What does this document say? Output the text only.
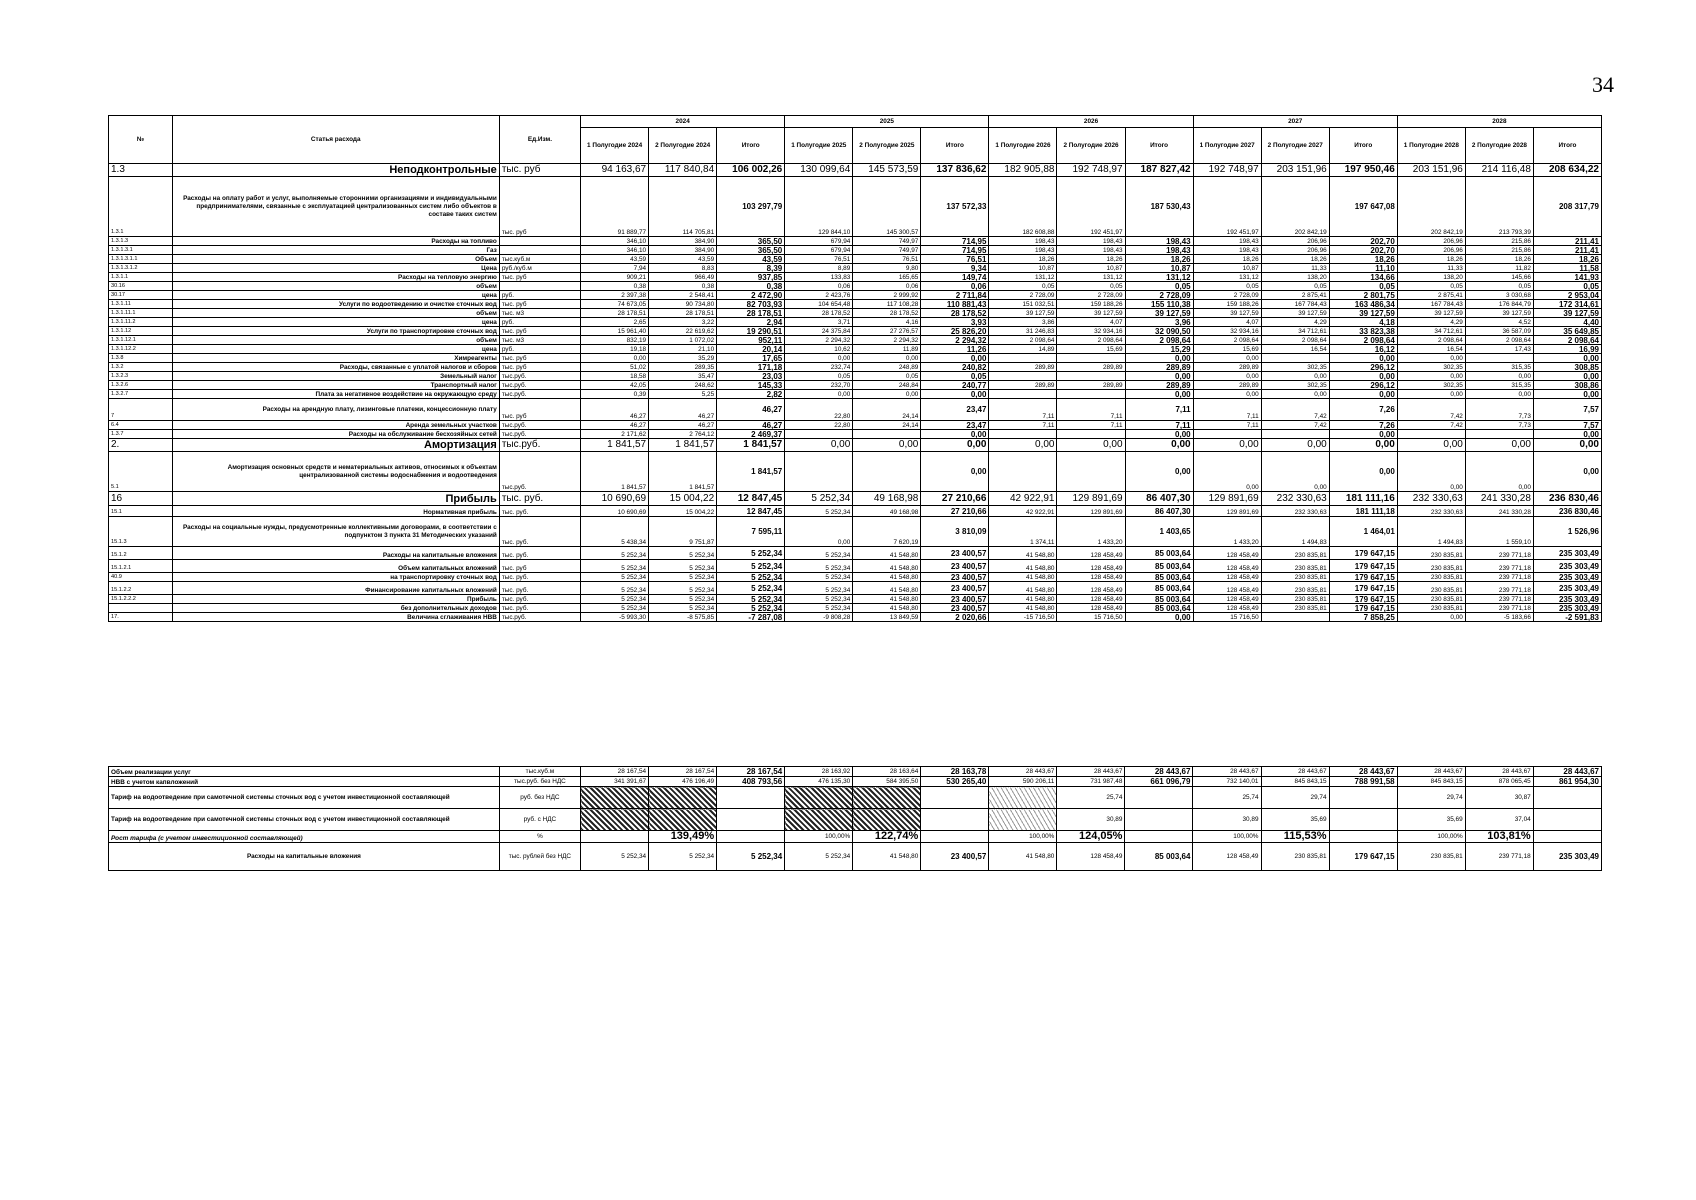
34
№	Статья расхода	Ед.Изм.	2024			2025			2026			2027			2028		
			1 Полугодие 2024	2 Полугодие 2024	Итого	1 Полугодие 2025	2 Полугодие 2025	Итого	1 Полугодие 2026	2 Полугодие 2026	Итого	1 Полугодие 2027	2 Полугодие 2027	Итого	1 Полугодие 2028	2 Полугодие 2028	Итого
1.3	Неподконтрольные	тыс. руб	94 163,67	117 840,84	106 002,26	130 099,64	145 573,59	137 836,62	182 905,88	192 748,97	187 827,42	192 748,97	203 151,96	197 950,46	203 151,96	214 116,48	208 634,22
1.3.1	Расходы на оплату работ и услуг, выполняемые сторонними организациями и индивидуальными предпринимателями, связанные с эксплуатацией централизованных систем либо объектов в составе таких систем	тыс. руб	91 889,77	114 705,81	103 297,79	129 844,10	145 300,57	137 572,33	182 608,88	192 451,97	187 530,43	192 451,97	202 842,19	197 647,08	202 842,19	213 793,39	208 317,79
1.3.1.3	Расходы на топливо		346,10	384,90	365,50	679,94	749,97	714,95	198,43	198,43	198,43	198,43	206,96	202,70	206,96	215,86	211,41
1.3.1.3.1	Газ		346,10	384,90	365,50	679,94	749,97	714,95	198,43	198,43	198,43	198,43	206,96	202,70	206,96	215,86	211,41
1.3.1.3.1.1	Объем	тыс.куб.м	43,59	43,59	43,59	76,51	76,51	76,51	18,26	18,26	18,26	18,26	18,26	18,26	18,26	18,26	18,26
1.3.1.3.1.2	Цена	руб./куб.м	7,94	8,83	8,39	8,89	9,80	9,34	10,87	10,87	10,87	10,87	11,33	11,10	11,33	11,82	11,58
1.3.1.1	Расходы на тепловую энергию	тыс. руб	909,21	966,49	937,85	133,83	165,65	149,74	131,12	131,12	131,12	131,12	138,20	134,66	138,20	145,66	141,93
30.16	объем		0,38	0,38	0,38	0,06	0,06	0,06	0,05	0,05	0,05	0,05	0,05	0,05	0,05	0,05	0,05
30.17	цена	руб.	2 397,38	2 548,41	2 472,90	2 423,76	2 999,92	2 711,84	2 728,09	2 728,09	2 728,09	2 728,09	2 875,41	2 801,75	2 875,41	3 030,68	2 953,04
1.3.1.11	Услуги по водоотведению и очистке сточных вод	тыс. руб	74 673,05	90 734,80	82 703,93	104 654,48	117 108,28	110 881,43	151 032,51	159 188,26	155 110,38	159 188,26	167 784,43	163 486,34	167 784,43	176 844,79	172 314,61
1.3.1.11.1	объем	тыс. м3	28 178,51	28 178,51	28 178,51	28 178,52	28 178,52	28 178,52	39 127,59	39 127,59	39 127,59	39 127,59	39 127,59	39 127,59	39 127,59	39 127,59	39 127,59
1.3.1.11.2	цена	руб.	2,65	3,22	2,94	3,71	4,16	3,93	3,86	4,07	3,96	4,07	4,29	4,18	4,29	4,52	4,40
1.3.1.12	Услуги по транспортировке сточных вод	тыс. руб	15 961,40	22 619,62	19 290,51	24 375,84	27 276,57	25 826,20	31 246,83	32 934,16	32 090,50	32 934,16	34 712,61	33 823,38	34 712,61	36 587,09	35 649,85
1.3.1.12.1	объем	тыс. м3	832,19	1 072,02	952,11	2 294,32	2 294,32	2 294,32	2 098,64	2 098,64	2 098,64	2 098,64	2 098,64	2 098,64	2 098,64	2 098,64	2 098,64
1.3.1.12.2	цена	руб.	19,18	21,10	20,14	10,62	11,89	11,26	14,89	15,69	15,29	15,69	16,54	16,12	16,54	17,43	16,99
1.3.8	Химреагенты	тыс. руб	0,00	35,29	17,65	0,00	0,00	0,00			0,00	0,00		0,00	0,00		0,00
1.3.2	Расходы, связанные с уплатой налогов и сборов	тыс. руб	51,02	289,35	171,18	232,74	248,89	240,82	289,89	289,89	289,89	289,89	302,35	296,12	302,35	315,35	308,85
1.3.2.3	Земельный налог	тыс.руб.	18,58	35,47	23,03	0,05	0,05	0,05			0,00	0,00	0,00	0,00	0,00	0,00	0,00
1.3.2.6	Транспортный налог	тыс.руб.	42,05	248,62	145,33	232,70	248,84	240,77	289,89	289,89	289,89	289,89	302,35	296,12	302,35	315,35	308,86
1.3.2.7	Плата за негативное воздействие на окружающую среду	тыс.руб.	0,39	5,25	2,82	0,00	0,00	0,00			0,00	0,00	0,00	0,00	0,00	0,00	0,00
7	Расходы на арендную плату, лизинговые платежи, концессионную плату	тыс. руб	46,27	46,27	46,27	22,80	24,14	23,47	7,11	7,11	7,11	7,11	7,42	7,26	7,42	7,73	7,57
6.4	Аренда земельных участков	тыс.руб.	46,27	46,27	46,27	22,80	24,14	23,47	7,11	7,11	7,11	7,11	7,42	7,26	7,42	7,73	7,57
1.3.7	Расходы на обслуживание бесхозяйных сетей	тыс.руб.	2 171,62	2 764,12	2 469,37			0,00			0,00			0,00			0,00
2.	Амортизация	тыс.руб.	1 841,57	1 841,57	1 841,57	0,00	0,00	0,00	0,00	0,00	0,00	0,00	0,00	0,00	0,00	0,00	0,00
5.1	Амортизация основных средств и нематериальных активов, относимых к объектам централизованной системы водоснабжения и водоотведения	тыс.руб.	1 841,57	1 841,57	1 841,57			0,00			0,00	0,00	0,00	0,00	0,00	0,00	0,00
16	Прибыль	тыс. руб.	10 690,69	15 004,22	12 847,45	5 252,34	49 168,98	27 210,66	42 922,91	129 891,69	86 407,30	129 891,69	232 330,63	181 111,16	232 330,63	241 330,28	236 830,46
15.1	Нормативная прибыль	тыс. руб.	10 690,69	15 004,22	12 847,45	5 252,34	49 168,98	27 210,66	42 922,91	129 891,69	86 407,30	129 891,69	232 330,63	181 111,18	232 330,63	241 330,28	236 830,46
15.1.3	Расходы на социальные нужды, предусмотренные коллективными договорами, в соответствии с подпунктом 3 пункта 31 Методических указаний	тыс. руб.	5 438,34	9 751,87	7 595,11	0,00	7 620,19	3 810,09	1 374,11	1 433,20	1 403,65	1 433,20	1 494,83	1 464,01	1 494,83	1 559,10	1 526,96
15.1.2	Расходы на капитальные вложения	тыс. руб.	5 252,34	5 252,34	5 252,34	5 252,34	41 548,80	23 400,57	41 548,80	128 458,49	85 003,64	128 458,49	230 835,81	179 647,15	230 835,81	239 771,18	235 303,49
15.1.2.1	Объем капитальных вложений	тыс. руб	5 252,34	5 252,34	5 252,34	5 252,34	41 548,80	23 400,57	41 548,80	128 458,49	85 003,64	128 458,49	230 835,81	179 647,15	230 835,81	239 771,18	235 303,49
40.9	на транспортировку сточных вод	тыс. руб.	5 252,34	5 252,34	5 252,34	5 252,34	41 548,80	23 400,57	41 548,80	128 458,49	85 003,64	128 458,49	230 835,81	179 647,15	230 835,81	239 771,18	235 303,49
15.1.2.2	Финансирование капитальных вложений	тыс. руб.	5 252,34	5 252,34	5 252,34	5 252,34	41 548,80	23 400,57	41 548,80	128 458,49	85 003,64	128 458,49	230 835,81	179 647,15	230 835,81	239 771,18	235 303,49
15.1.2.2.2	Прибыль	тыс. руб.	5 252,34	5 252,34	5 252,34	5 252,34	41 548,80	23 400,57	41 548,80	128 458,49	85 003,64	128 458,49	230 835,81	179 647,15	230 835,81	239 771,18	235 303,49
	без дополнительных доходов	тыс. руб.	5 252,34	5 252,34	5 252,34	5 252,34	41 548,80	23 400,57	41 548,80	128 458,49	85 003,64	128 458,49	230 835,81	179 647,15	230 835,81	239 771,18	235 303,49
17.	Величина сглаживания НВВ	тыс.руб.	-5 993,30	-8 575,85	-7 287,08	-9 808,28	13 849,59	2 020,66	-15 716,50	15 716,50	0,00	15 716,50		7 858,25	0,00	-5 183,66	-2 591,83
Объем реализации услуг	тыс.куб.м	28 167,54	28 167,54	28 167,54	28 163,92	28 163,64	28 163,78	28 443,67	28 443,67	28 443,67	28 443,67	28 443,67	28 443,67	28 443,67	28 443,67	28 443,67
НВВ с учетом капвложений	тыс.руб. без НДС	341 391,67	476 196,49	408 793,56	476 135,30	584 395,50	530 265,40	590 206,11	731 987,48	661 096,79	732 140,01	845 843,15	788 991,58	845 843,15	878 065,45	861 954,30
Тариф на водоотведение при самотечной системы сточных вод с учетом инвестиционной составляющей	руб. без НДС								25,74		25,74	29,74		29,74	30,87	
Тариф на водоотведение при самотечной системы сточных вод с учетом инвестиционной составляющей	руб. с НДС								30,89		30,89	35,69		35,69	37,04	
Рост тарифа (с учетом инвестиционной составляющей)	%		139,49%		100,00%	122,74%		100,00%	124,05%		100,00%	115,53%		100,00%	103,81%	
Расходы на капитальные вложения	тыс. рублей без НДС	5 252,34	5 252,34	5 252,34	5 252,34	41 548,80	23 400,57	41 548,80	128 458,49	85 003,64	128 458,49	230 835,81	179 647,15	230 835,81	239 771,18	235 303,49
